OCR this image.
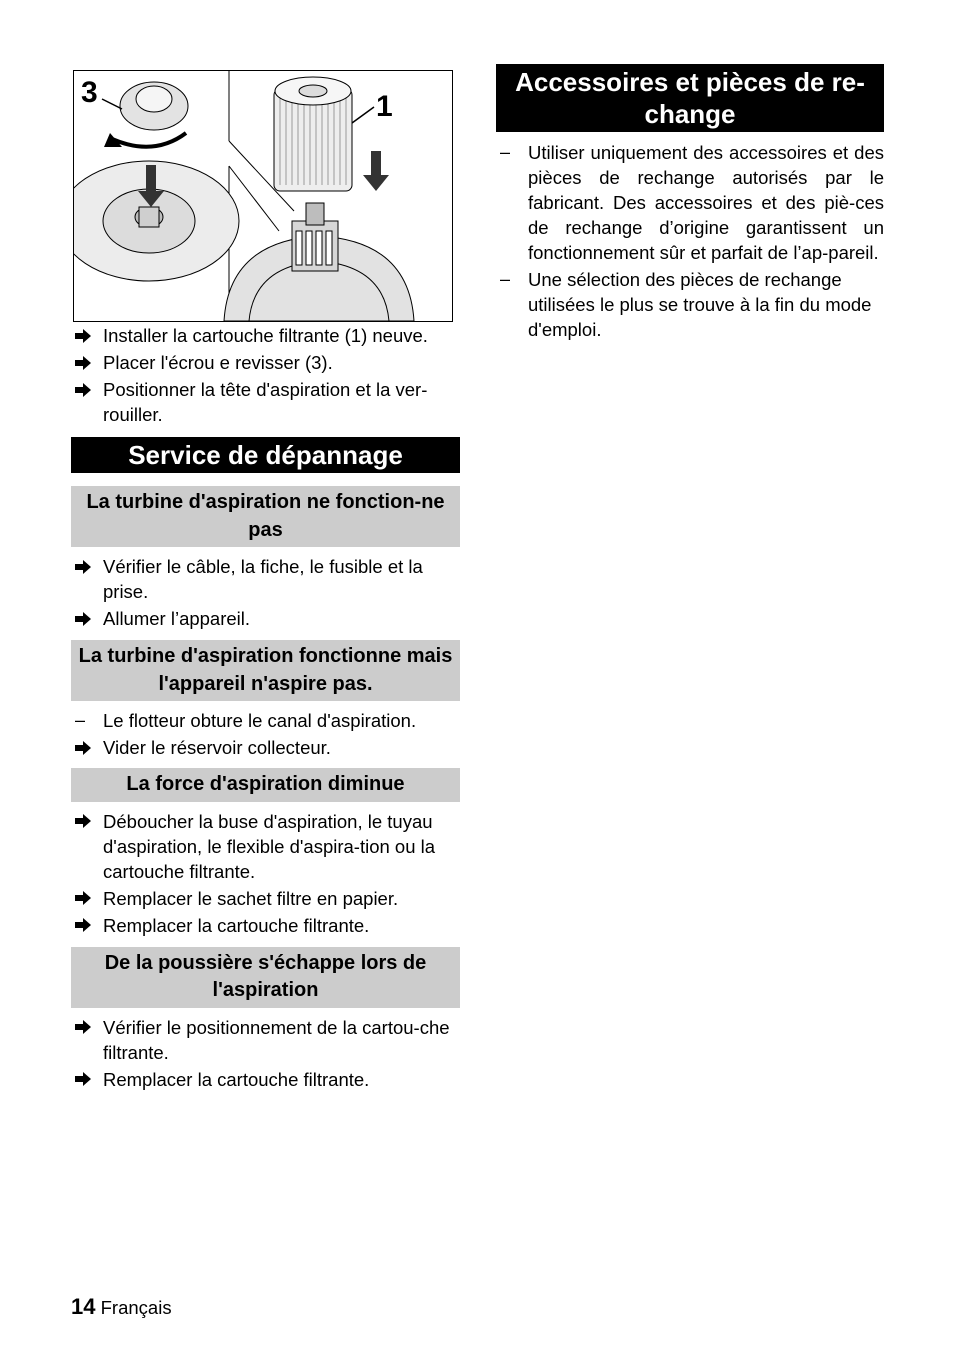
3	1
Installer la cartouche filtrante (1) neuve.
Placer l'écrou e revisser (3).
Positionner la tête d'aspiration et la ver-rouiller.
Service de dépannage
La turbine d'aspiration ne fonction-ne pas
Vérifier le câble, la fiche, le fusible et la prise.
Allumer l’appareil.
La turbine d'aspiration fonctionne mais l'appareil n'aspire pas.
– Le flotteur obture le canal d'aspiration.
Vider le réservoir collecteur.
La force d'aspiration diminue
Déboucher la buse d'aspiration, le tuyau d'aspiration, le flexible d'aspira-tion ou la cartouche filtrante.
Remplacer le sachet filtre en papier.
Remplacer la cartouche filtrante.
De la poussière s'échappe lors de l'aspiration
Vérifier le positionnement de la cartou-che filtrante.
Remplacer la cartouche filtrante.
Accessoires et pièces de re-change
– Utiliser uniquement des accessoires et des pièces de rechange autorisés par le fabricant. Des accessoires et des piè-ces de rechange d’origine garantissent un fonctionnement sûr et parfait de l’ap-pareil.
– Une sélection des pièces de rechange utilisées le plus se trouve à la fin du mode d'emploi.
14 Français
